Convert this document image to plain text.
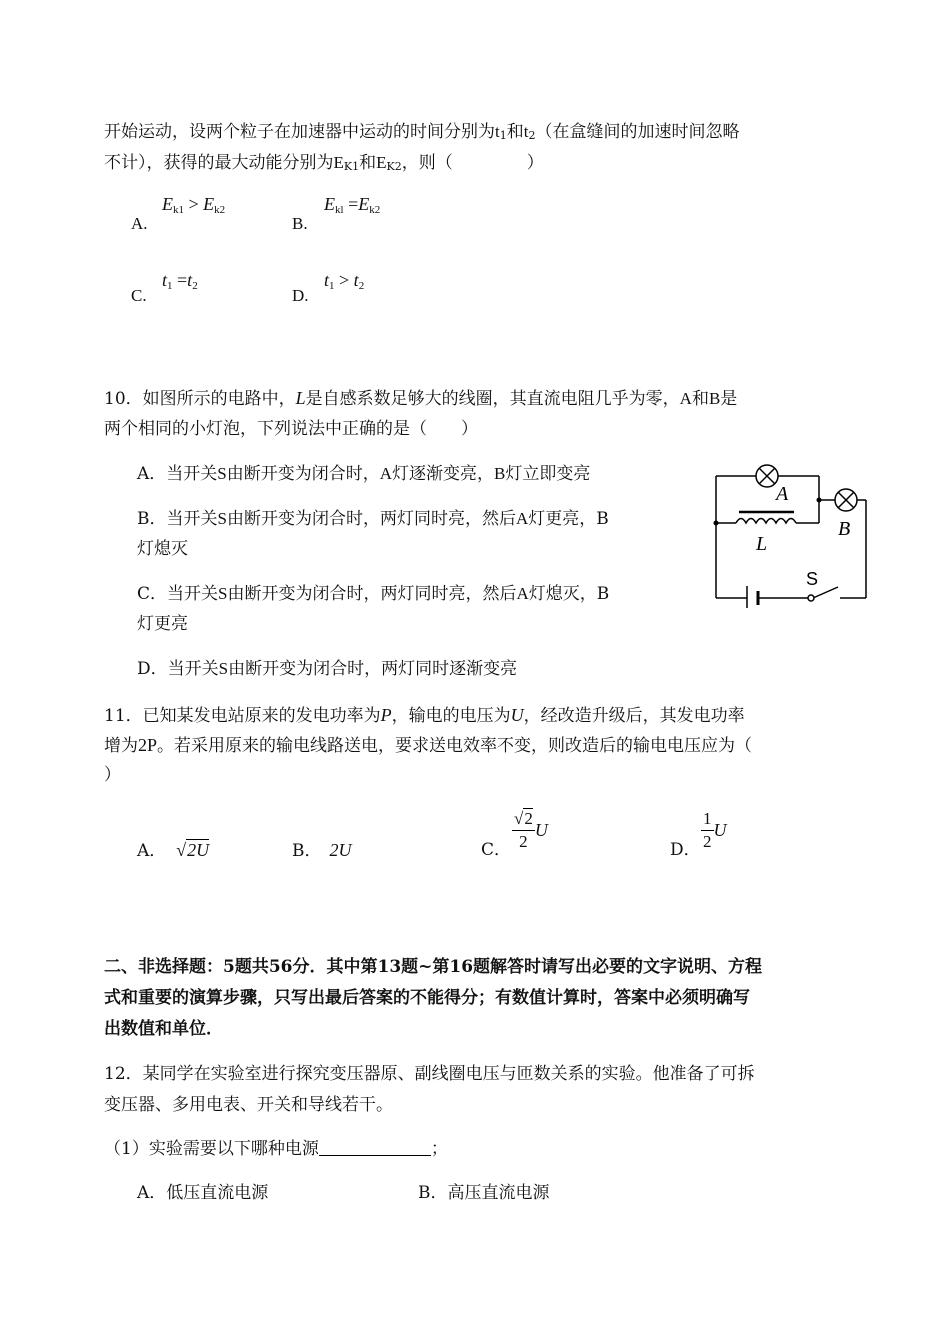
开始运动，设两个粒子在加速器中运动的时间分别为t1和t2（在盒缝间的加速时间忽略
不计），获得的最大动能分别为EK1和EK2，则（	）
A.
$E_{k1} > E_{k2}$
B.
$E_{kl} =E_{k2}$
C.
$t_1 =t_2$	D.
$t_1 > t_2$
10．如图所示的电路中，L是自感系数足够大的线圈，其直流电阻几乎为零，A和B是
两个相同的小灯泡，下列说法中正确的是（　　）
A．当开关S由断开变为闭合时，A灯逐渐变亮，B灯立即变亮
B．当开关S由断开变为闭合时，两灯同时亮，然后A灯更亮，B
灯熄灭
C．当开关S由断开变为闭合时，两灯同时亮，然后A灯熄灭，B
灯更亮
D．当开关S由断开变为闭合时，两灯同时逐渐变亮
A
B
L
S
11．已知某发电站原来的发电功率为P，输电的电压为U，经改造升级后，其发电功率
增为2P。若采用原来的输电线路送电，要求送电效率不变，则改造后的输电电压应为（
）
A． √2U	B． 2U	C． $\frac{√2}{2}$ U
D． $\frac{1}{2}$ U
二、非选择题：5题共56分．其中第13题~第16题解答时请写出必要的文字说明、方程
式和重要的演算步骤，只写出最后答案的不能得分；有数值计算时，答案中必须明确写
出数值和单位．
12．某同学在实验室进行探究变压器原、副线圈电压与匝数关系的实验。他准备了可拆
变压器、多用电表、开关和导线若干。
（1）实验需要以下哪种电源	；
A．低压直流电源	B．高压直流电源
